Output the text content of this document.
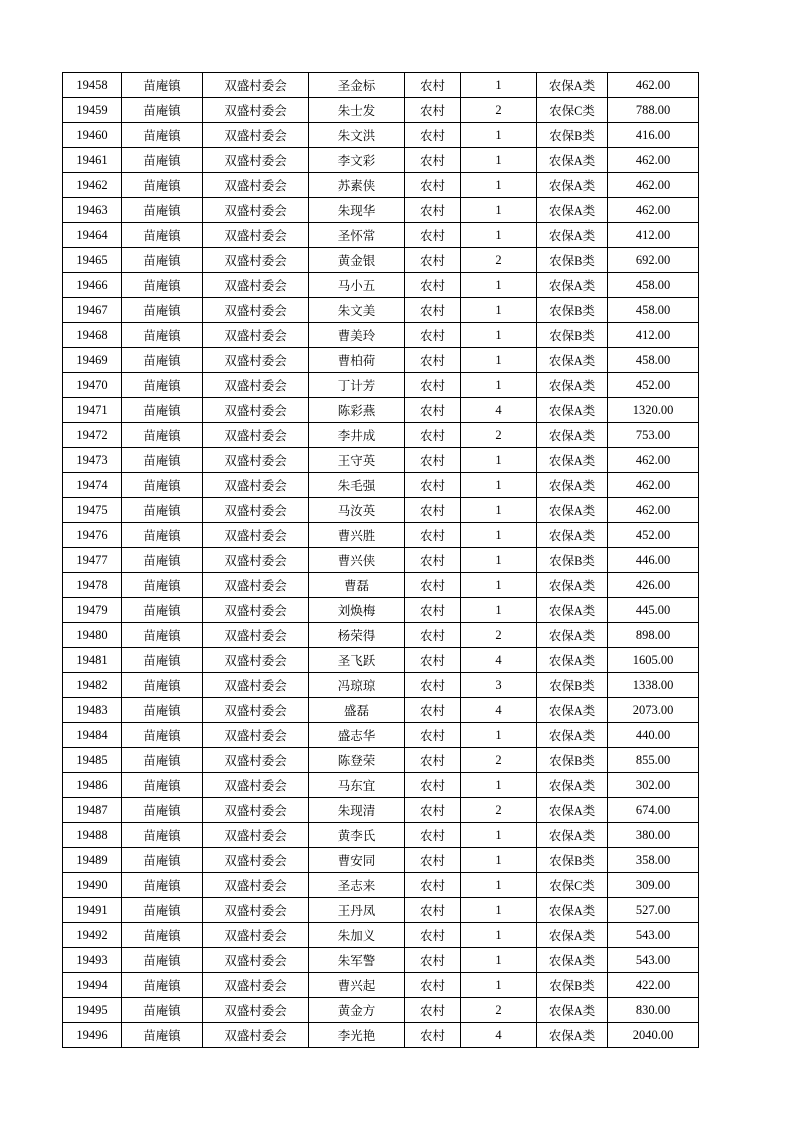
19458	苗庵镇	双盛村委会	圣金标	农村	1	农保A类	462.00
19459	苗庵镇	双盛村委会	朱士发	农村	2	农保C类	788.00
19460	苗庵镇	双盛村委会	朱文洪	农村	1	农保B类	416.00
19461	苗庵镇	双盛村委会	李文彩	农村	1	农保A类	462.00
19462	苗庵镇	双盛村委会	苏素侠	农村	1	农保A类	462.00
19463	苗庵镇	双盛村委会	朱现华	农村	1	农保A类	462.00
19464	苗庵镇	双盛村委会	圣怀常	农村	1	农保A类	412.00
19465	苗庵镇	双盛村委会	黄金银	农村	2	农保B类	692.00
19466	苗庵镇	双盛村委会	马小五	农村	1	农保A类	458.00
19467	苗庵镇	双盛村委会	朱文美	农村	1	农保B类	458.00
19468	苗庵镇	双盛村委会	曹美玲	农村	1	农保B类	412.00
19469	苗庵镇	双盛村委会	曹柏荷	农村	1	农保A类	458.00
19470	苗庵镇	双盛村委会	丁计芳	农村	1	农保A类	452.00
19471	苗庵镇	双盛村委会	陈彩燕	农村	4	农保A类	1320.00
19472	苗庵镇	双盛村委会	李井成	农村	2	农保A类	753.00
19473	苗庵镇	双盛村委会	王守英	农村	1	农保A类	462.00
19474	苗庵镇	双盛村委会	朱毛强	农村	1	农保A类	462.00
19475	苗庵镇	双盛村委会	马汝英	农村	1	农保A类	462.00
19476	苗庵镇	双盛村委会	曹兴胜	农村	1	农保A类	452.00
19477	苗庵镇	双盛村委会	曹兴侠	农村	1	农保B类	446.00
19478	苗庵镇	双盛村委会	曹磊	农村	1	农保A类	426.00
19479	苗庵镇	双盛村委会	刘焕梅	农村	1	农保A类	445.00
19480	苗庵镇	双盛村委会	杨荣得	农村	2	农保A类	898.00
19481	苗庵镇	双盛村委会	圣飞跃	农村	4	农保A类	1605.00
19482	苗庵镇	双盛村委会	冯琼琼	农村	3	农保B类	1338.00
19483	苗庵镇	双盛村委会	盛磊	农村	4	农保A类	2073.00
19484	苗庵镇	双盛村委会	盛志华	农村	1	农保A类	440.00
19485	苗庵镇	双盛村委会	陈登荣	农村	2	农保B类	855.00
19486	苗庵镇	双盛村委会	马东宜	农村	1	农保A类	302.00
19487	苗庵镇	双盛村委会	朱现清	农村	2	农保A类	674.00
19488	苗庵镇	双盛村委会	黄李氏	农村	1	农保A类	380.00
19489	苗庵镇	双盛村委会	曹安同	农村	1	农保B类	358.00
19490	苗庵镇	双盛村委会	圣志来	农村	1	农保C类	309.00
19491	苗庵镇	双盛村委会	王丹凤	农村	1	农保A类	527.00
19492	苗庵镇	双盛村委会	朱加义	农村	1	农保A类	543.00
19493	苗庵镇	双盛村委会	朱军警	农村	1	农保A类	543.00
19494	苗庵镇	双盛村委会	曹兴起	农村	1	农保B类	422.00
19495	苗庵镇	双盛村委会	黄金方	农村	2	农保A类	830.00
19496	苗庵镇	双盛村委会	李光艳	农村	4	农保A类	2040.00
